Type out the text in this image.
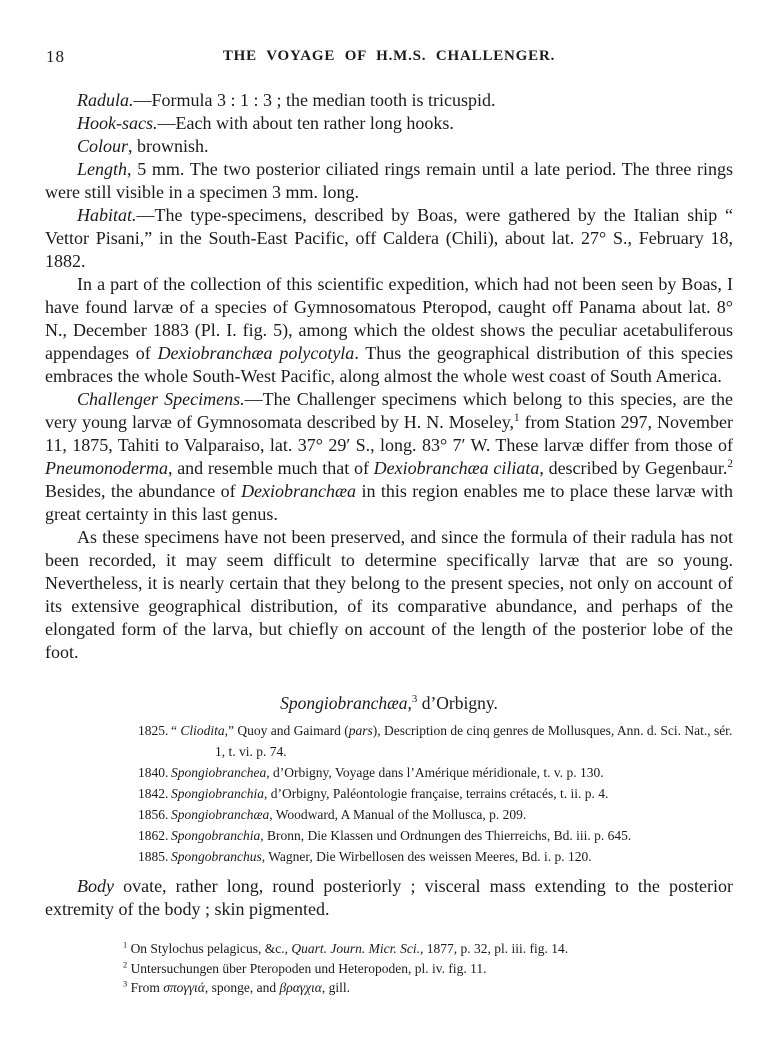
18	THE VOYAGE OF H.M.S. CHALLENGER.

Radula.—Formula 3 : 1 : 3 ; the median tooth is tricuspid.

Hook-sacs.—Each with about ten rather long hooks.

Colour, brownish.

Length, 5 mm. The two posterior ciliated rings remain until a late period. The three rings were still visible in a specimen 3 mm. long.

Habitat.—The type-specimens, described by Boas, were gathered by the Italian ship “ Vettor Pisani,” in the South-East Pacific, off Caldera (Chili), about lat. 27° S., February 18, 1882.

In a part of the collection of this scientific expedition, which had not been seen by Boas, I have found larvæ of a species of Gymnosomatous Pteropod, caught off Panama about lat. 8° N., December 1883 (Pl. I. fig. 5), among which the oldest shows the peculiar acetabuliferous appendages of Dexiobranchæa polycotyla. Thus the geographical distribution of this species embraces the whole South-West Pacific, along almost the whole west coast of South America.

Challenger Specimens.—The Challenger specimens which belong to this species, are the very young larvæ of Gymnosomata described by H. N. Moseley,$^1$ from Station 297, November 11, 1875, Tahiti to Valparaiso, lat. 37° 29′ S., long. 83° 7′ W. These larvæ differ from those of Pneumonoderma, and resemble much that of Dexiobranchæa ciliata, described by Gegenbaur.$^2$ Besides, the abundance of Dexiobranchæa in this region enables me to place these larvæ with great certainty in this last genus.

As these specimens have not been preserved, and since the formula of their radula has not been recorded, it may seem difficult to determine specifically larvæ that are so young. Nevertheless, it is nearly certain that they belong to the present species, not only on account of its extensive geographical distribution, of its comparative abundance, and perhaps of the elongated form of the larva, but chiefly on account of the length of the posterior lobe of the foot.

Spongiobranchæa,$^3$ d’Orbigny.
1825. “ Cliodita,” Quoy and Gaimard (pars), Description de cinq genres de Mollusques, Ann. d. Sci. Nat., sér. 1, t. vi. p. 74.
1840. Spongiobranchea, d’Orbigny, Voyage dans l’Amérique méridionale, t. v. p. 130.
1842. Spongiobranchia, d’Orbigny, Paléontologie française, terrains crétacés, t. ii. p. 4.
1856. Spongiobranchæa, Woodward, A Manual of the Mollusca, p. 209.
1862. Spongobranchia, Bronn, Die Klassen und Ordnungen des Thierreichs, Bd. iii. p. 645.
1885. Spongobranchus, Wagner, Die Wirbellosen des weissen Meeres, Bd. i. p. 120.

Body ovate, rather long, round posteriorly ; visceral mass extending to the posterior extremity of the body ; skin pigmented.

$^1$ On Stylochus pelagicus, &c., Quart. Journ. Micr. Sci., 1877, p. 32, pl. iii. fig. 14.
$^2$ Untersuchungen über Pteropoden und Heteropoden, pl. iv. fig. 11.
$^3$ From σπογγιά, sponge, and βραγχια, gill.
